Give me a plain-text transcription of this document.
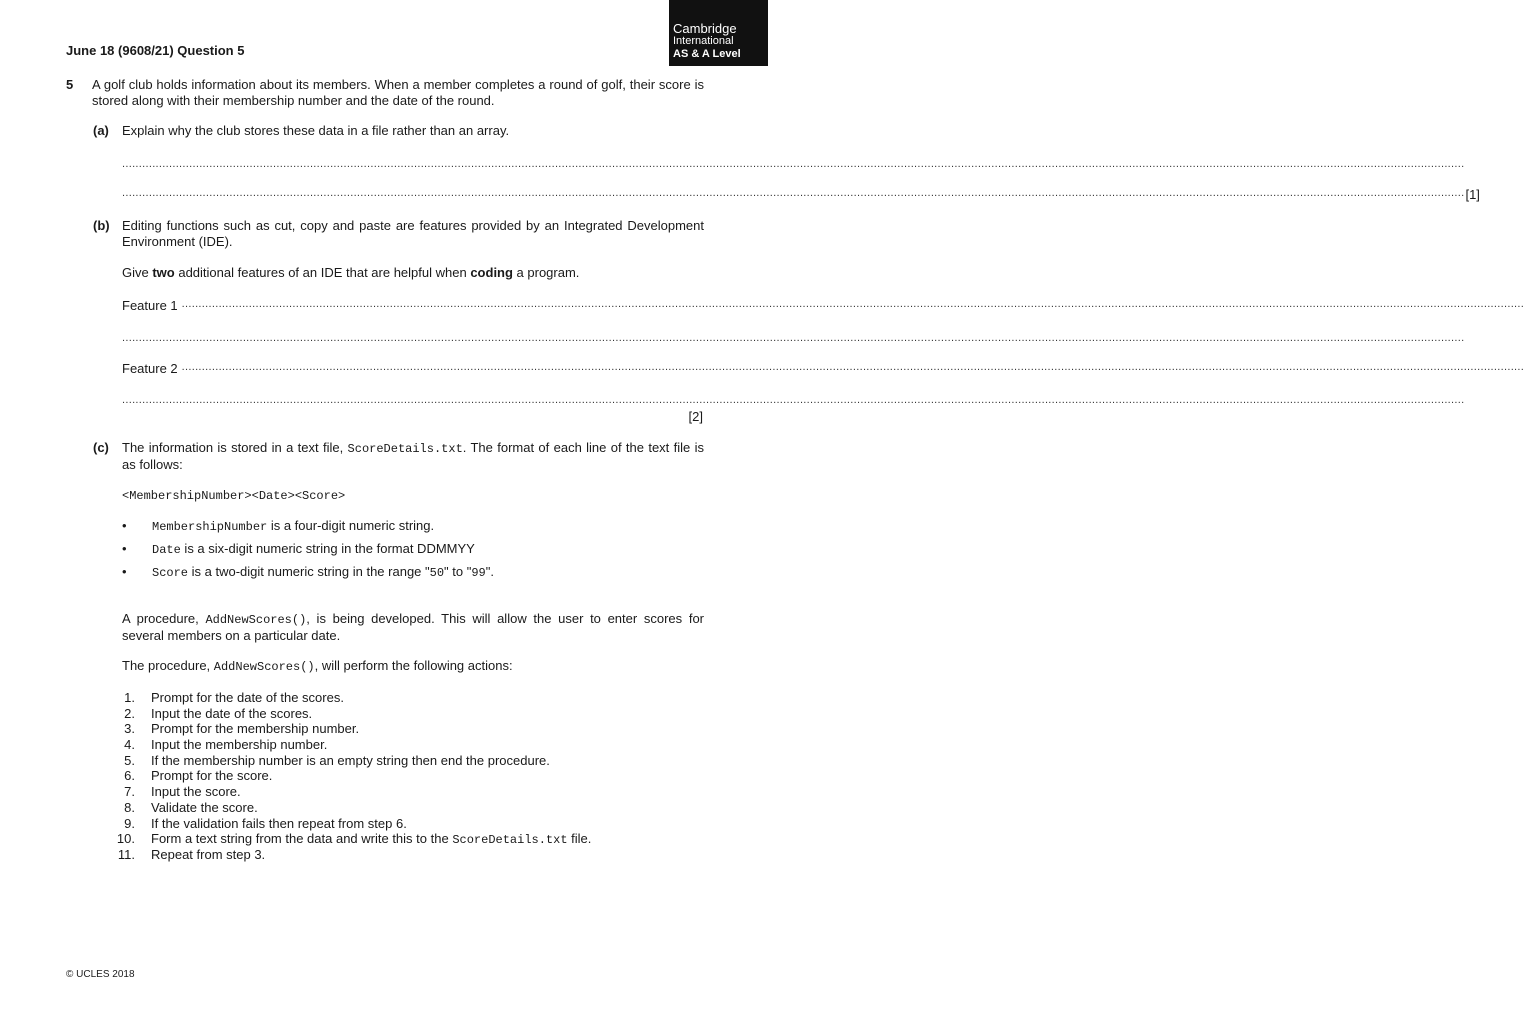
June 18 (9608/21) Question 5
Cambridge
International
AS & A Level
5 A golf club holds information about its members. When a member completes a round of golf, their score is stored along with their membership number and the date of the round.
(a) Explain why the club stores these data in a file rather than an array.
................................................................................................................................................................................................................................................................................................................................................................................................................
................................................................................................................................................................................................................................................................................................................................................................................................................ [1]
(b) Editing functions such as cut, copy and paste are features provided by an Integrated Development Environment (IDE).
Give two additional features of an IDE that are helpful when coding a program.
Feature 1 ................................................................................................................................................................................................................................................................................................................................................................................................................
................................................................................................................................................................................................................................................................................................................................................................................................................
Feature 2 ................................................................................................................................................................................................................................................................................................................................................................................................................
................................................................................................................................................................................................................................................................................................................................................................................................................
[2]
(c) The information is stored in a text file, ScoreDetails.txt. The format of each line of the text file is as follows:
<MembershipNumber><Date><Score>
• MembershipNumber is a four-digit numeric string.
• Date is a six-digit numeric string in the format DDMMYY
• Score is a two-digit numeric string in the range "50" to "99".
A procedure, AddNewScores(), is being developed. This will allow the user to enter scores for several members on a particular date.
The procedure, AddNewScores(), will perform the following actions:
1.	Prompt for the date of the scores.
2.	Input the date of the scores.
3.	Prompt for the membership number.
4.	Input the membership number.
5.	If the membership number is an empty string then end the procedure.
6.	Prompt for the score.
7.	Input the score.
8.	Validate the score.
9.	If the validation fails then repeat from step 6.
10.	Form a text string from the data and write this to the ScoreDetails.txt file.
11.	Repeat from step 3.
© UCLES 2018
